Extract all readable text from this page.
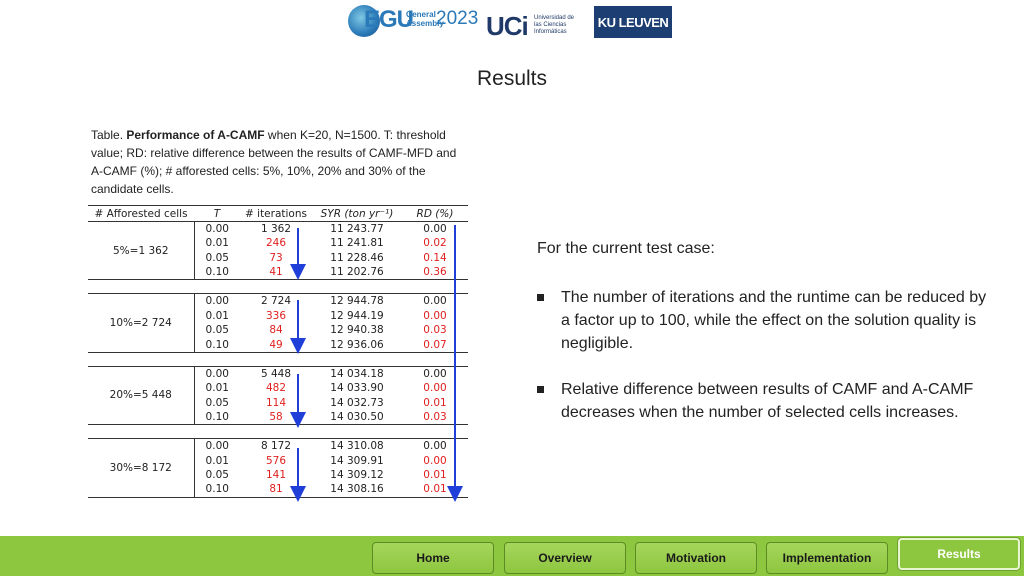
EGU
General Assembly
2023 UCi Universidad de las Ciencias Informáticas
KU LEUVEN
Results

Table. Performance of A-CAMF when K=20, N=1500. T: threshold value; RD: relative difference between the results of CAMF-MFD and A-CAMF (%); # afforested cells: 5%, 10%, 20% and 30% of the candidate cells.

# Afforested cells	T	# iterations	SYR (ton yr⁻¹)	RD (%)
5%=1 362	0.00	1 362	11 243.77	0.00
	0.01	246	11 241.81	0.02
	0.05	73	11 228.46	0.14
	0.10	41	11 202.76	0.36

10%=2 724	0.00	2 724	12 944.78	0.00
	0.01	336	12 944.19	0.00
	0.05	84	12 940.38	0.03
	0.10	49	12 936.06	0.07

20%=5 448	0.00	5 448	14 034.18	0.00
	0.01	482	14 033.90	0.00
	0.05	114	14 032.73	0.01
	0.10	58	14 030.50	0.03

30%=8 172	0.00	8 172	14 310.08	0.00
	0.01	576	14 309.91	0.00
	0.05	141	14 309.12	0.01
	0.10	81	14 308.16	0.01
For the current test case:
The number of iterations and the runtime can be reduced by a factor up to 100, while the effect on the solution quality is negligible.
Relative difference between results of CAMF and A-CAMF decreases when the number of selected cells increases.
Home	Overview	Motivation	Implementation	Results
